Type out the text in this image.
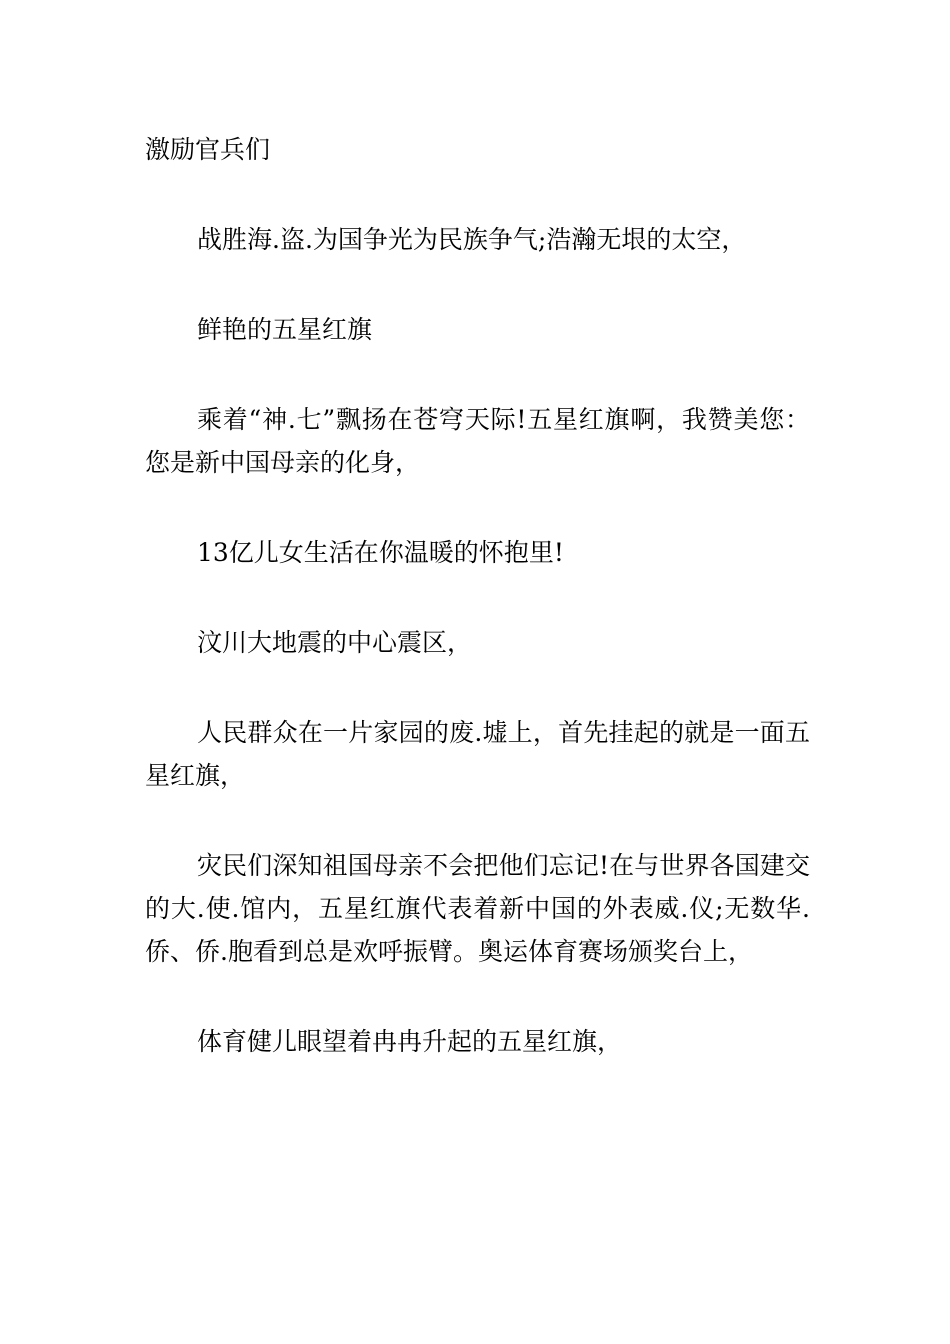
激励官兵们

战胜海.盗.为国争光为民族争气;浩瀚无垠的太空，

鲜艳的五星红旗

乘着“神.七”飘扬在苍穹天际!五星红旗啊，我赞美您：您是新中国母亲的化身，

13亿儿女生活在你温暖的怀抱里!

汶川大地震的中心震区，

人民群众在一片家园的废.墟上，首先挂起的就是一面五星红旗，

灾民们深知祖国母亲不会把他们忘记!在与世界各国建交的大.使.馆内，五星红旗代表着新中国的外表威.仪;无数华.侨、侨.胞看到总是欢呼振臂。奥运体育赛场颁奖台上，

体育健儿眼望着冉冉升起的五星红旗，
